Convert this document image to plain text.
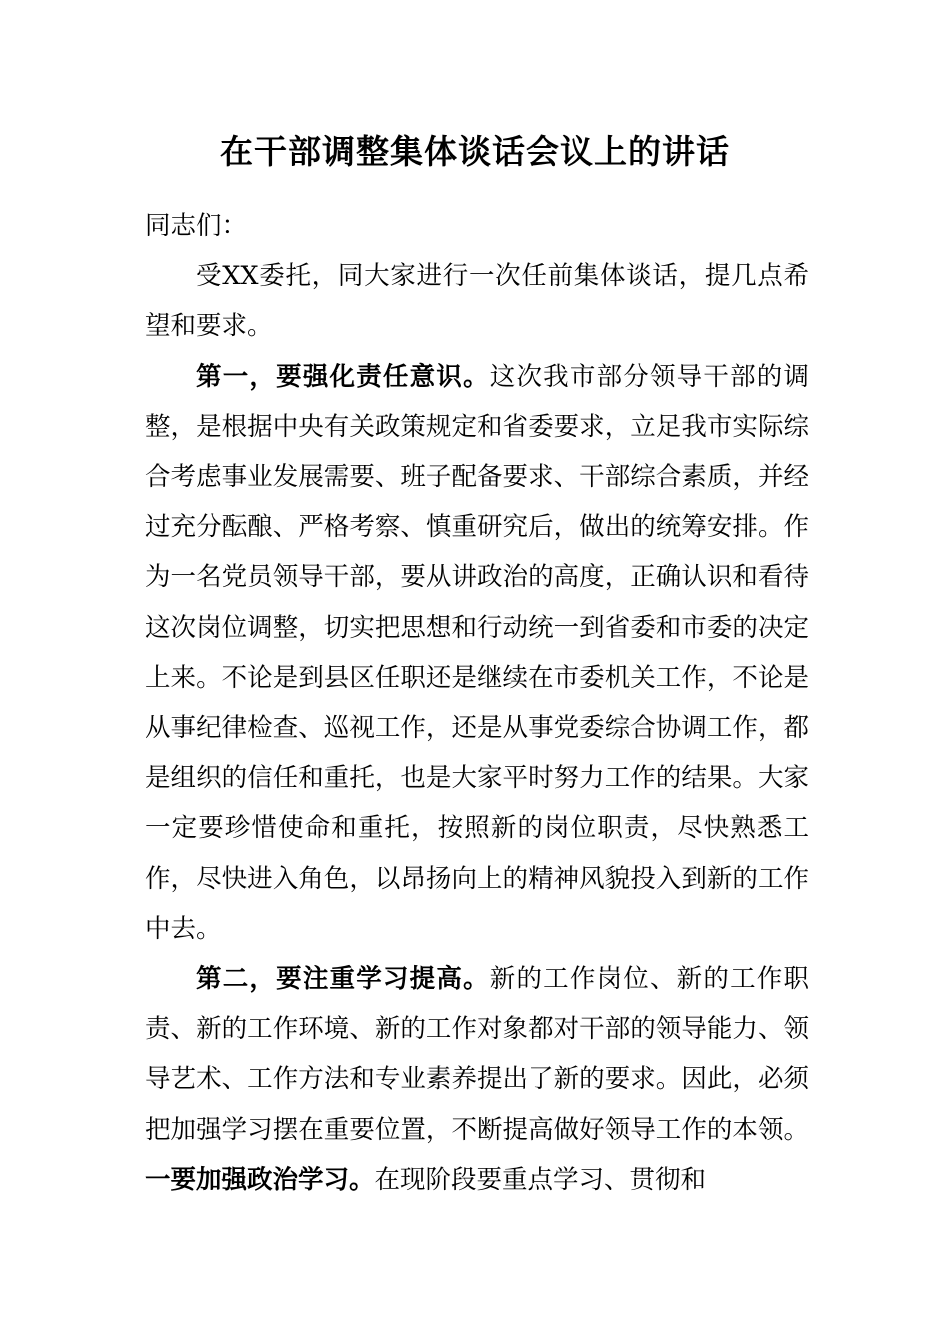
在干部调整集体谈话会议上的讲话

同志们：

受XX委托，同大家进行一次任前集体谈话，提几点希望和要求。

第一，要强化责任意识。这次我市部分领导干部的调整，是根据中央有关政策规定和省委要求，立足我市实际综合考虑事业发展需要、班子配备要求、干部综合素质，并经过充分酝酿、严格考察、慎重研究后，做出的统筹安排。作为一名党员领导干部，要从讲政治的高度，正确认识和看待这次岗位调整，切实把思想和行动统一到省委和市委的决定上来。不论是到县区任职还是继续在市委机关工作，不论是从事纪律检查、巡视工作，还是从事党委综合协调工作，都是组织的信任和重托，也是大家平时努力工作的结果。大家一定要珍惜使命和重托，按照新的岗位职责，尽快熟悉工作，尽快进入角色，以昂扬向上的精神风貌投入到新的工作中去。

第二，要注重学习提高。新的工作岗位、新的工作职责、新的工作环境、新的工作对象都对干部的领导能力、领导艺术、工作方法和专业素养提出了新的要求。因此，必须把加强学习摆在重要位置，不断提高做好领导工作的本领。一要加强政治学习。在现阶段要重点学习、贯彻和
